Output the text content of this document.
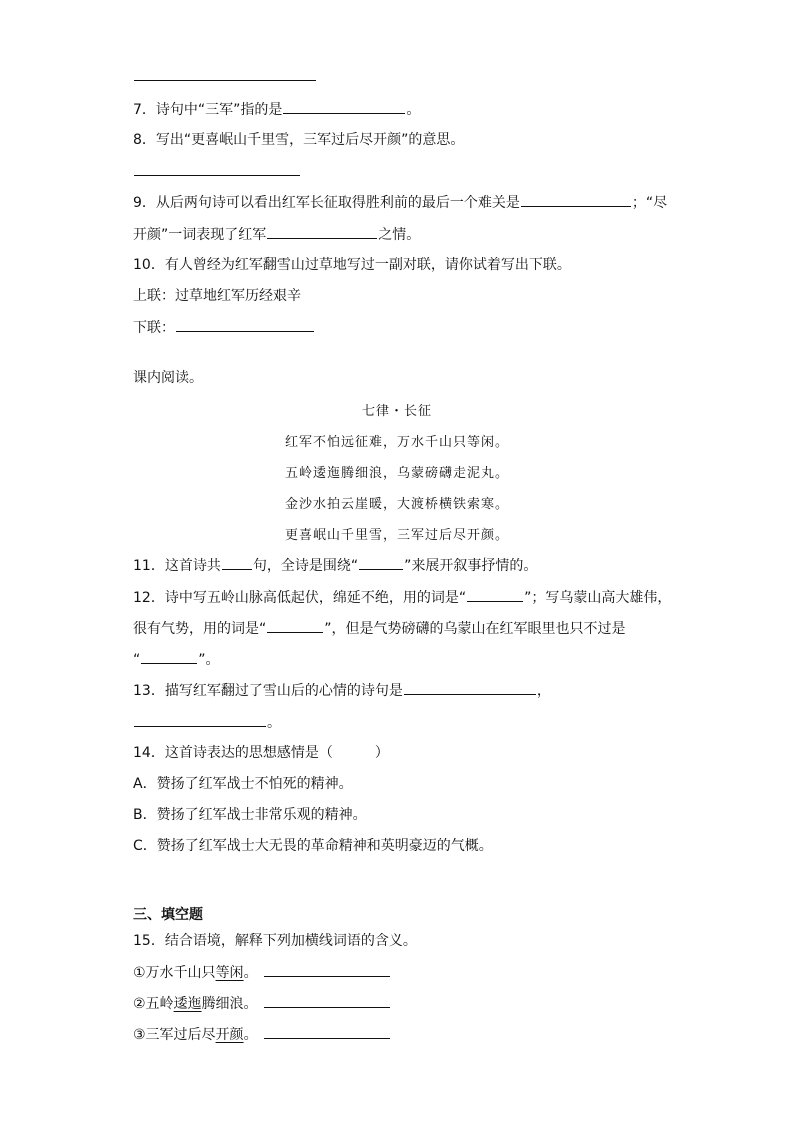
7．诗句中“三军”指的是	。
8．写出“更喜岷山千里雪，三军过后尽开颜”的意思。
9．从后两句诗可以看出红军长征取得胜利前的最后一个难关是	；“尽
开颜”一词表现了红军	之情。
10．有人曾经为红军翻雪山过草地写过一副对联，请你试着写出下联。
上联：过草地红军历经艰辛
下联：
课内阅读。
七律・长征
红军不怕远征难，万水千山只等闲。
五岭逶迤腾细浪，乌蒙磅礴走泥丸。
金沙水拍云崖暖，大渡桥横铁索寒。
更喜岷山千里雪，三军过后尽开颜。
11．这首诗共 句，全诗是围绕“	”来展开叙事抒情的。
12．诗中写五岭山脉高低起伏，绵延不绝，用的词是“	”；写乌蒙山高大雄伟，
很有气势，用的词是“	”，但是气势磅礴的乌蒙山在红军眼里也只不过是
“	”。
13．描写红军翻过了雪山后的心情的诗句是	，
。
14．这首诗表达的思想感情是（　　　）
A．赞扬了红军战士不怕死的精神。
B．赞扬了红军战士非常乐观的精神。
C．赞扬了红军战士大无畏的革命精神和英明豪迈的气概。
三、填空题
15．结合语境，解释下列加横线词语的含义。
①万水千山只等闲。
②五岭逶迤腾细浪。
③三军过后尽开颜。
